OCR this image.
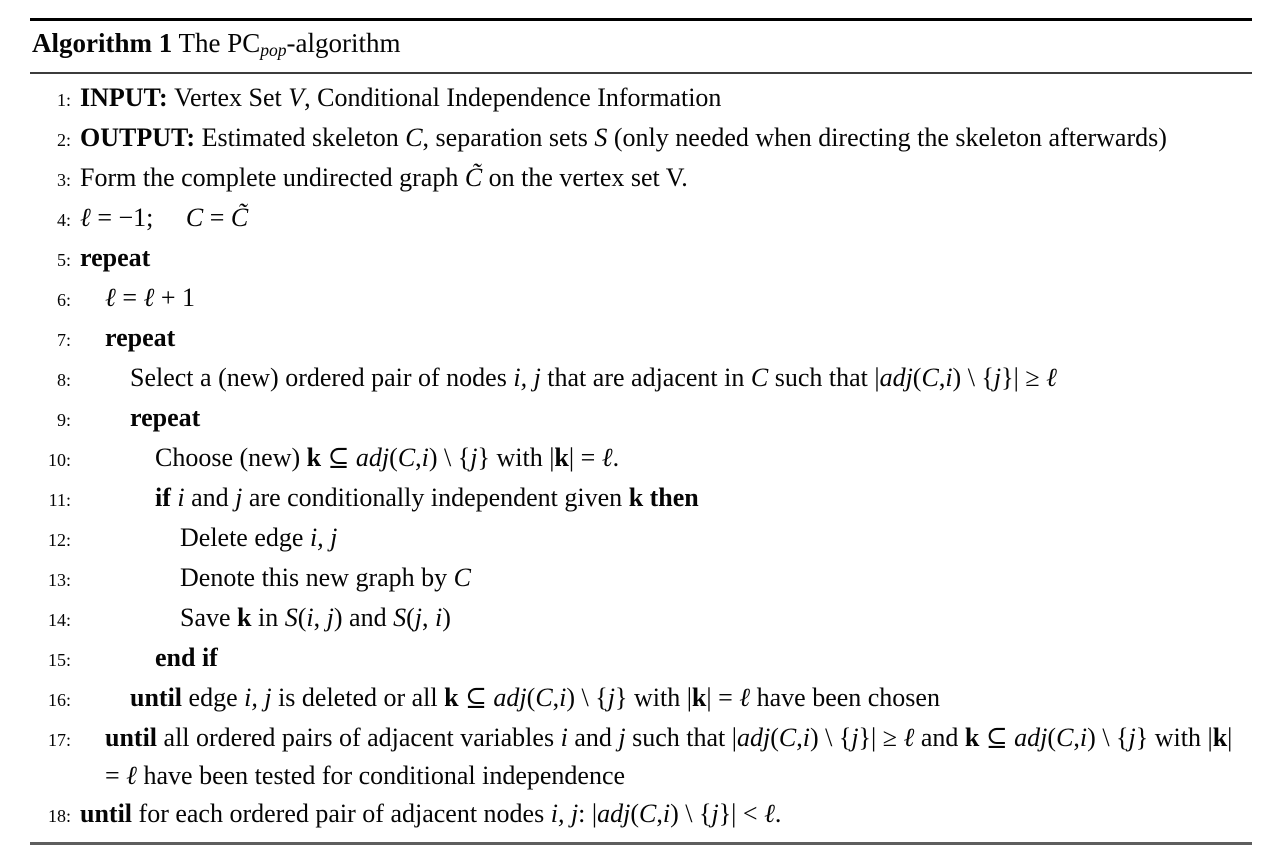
Algorithm 1 The PCpop-algorithm
1: INPUT: Vertex Set V, Conditional Independence Information
2: OUTPUT: Estimated skeleton C, separation sets S (only needed when directing the skeleton afterwards)
3: Form the complete undirected graph C̃ on the vertex set V.
4: ℓ = −1;  C = C̃
5: repeat
6:	ℓ = ℓ + 1
7:	repeat
8:	Select a (new) ordered pair of nodes i, j that are adjacent in C such that |adj(C,i) \ {j}| ≥ ℓ
9:	repeat
10:	Choose (new) k ⊆ adj(C,i) \ {j} with |k| = ℓ.
11:	if i and j are conditionally independent given k then
12:	Delete edge i, j
13:	Denote this new graph by C
14:	Save k in S(i, j) and S(j, i)
15:	end if
16:	until edge i, j is deleted or all k ⊆ adj(C,i) \ {j} with |k| = ℓ have been chosen
17:	until all ordered pairs of adjacent variables i and j such that |adj(C,i) \ {j}| ≥ ℓ and k ⊆ adj(C,i) \ {j} with |k| = ℓ have been tested for conditional independence
18: until for each ordered pair of adjacent nodes i, j: |adj(C,i) \ {j}| < ℓ.
